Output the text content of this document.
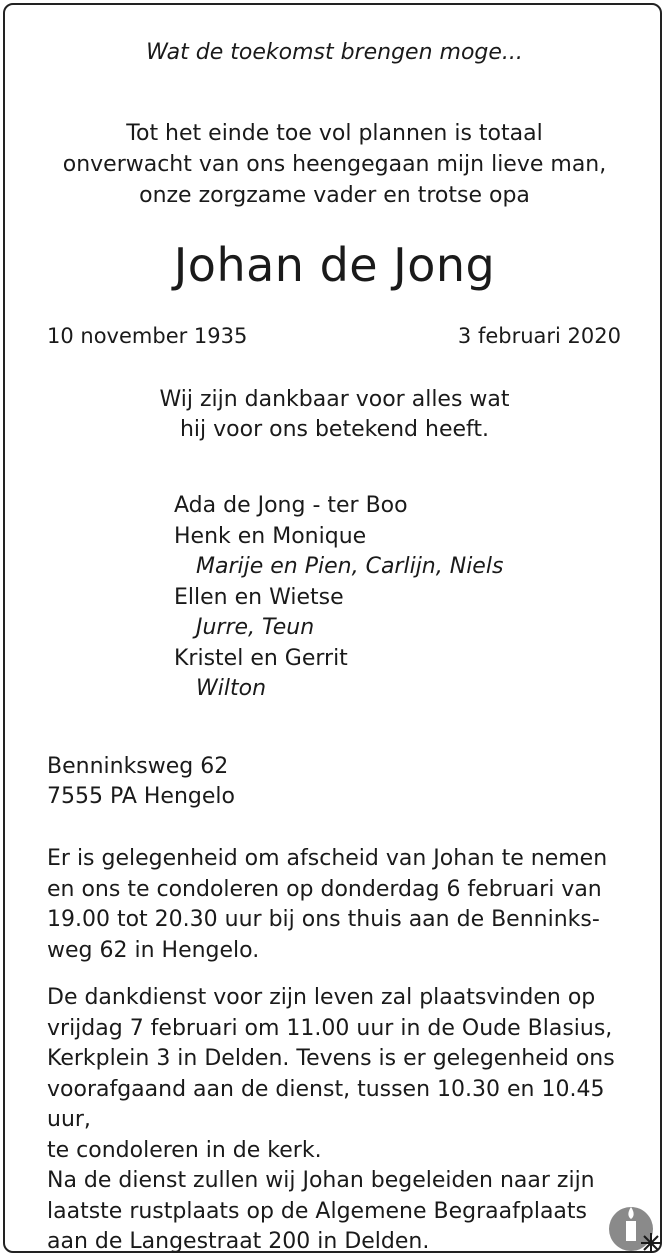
Wat de toekomst brengen moge...
Tot het einde toe vol plannen is totaal
onverwacht van ons heengegaan mijn lieve man,
onze zorgzame vader en trotse opa
Johan de Jong
10 november 1935	3 februari 2020
Wij zijn dankbaar voor alles wat
hij voor ons betekend heeft.
Ada de Jong - ter Boo
Henk en Monique
Marije en Pien, Carlijn, Niels
Ellen en Wietse
Jurre, Teun
Kristel en Gerrit
Wilton
Benninksweg 62
7555 PA Hengelo
Er is gelegenheid om afscheid van Johan te nemen
en ons te condoleren op donderdag 6 februari van
19.00 tot 20.30 uur bij ons thuis aan de Benninks-
weg 62 in Hengelo.
De dankdienst voor zijn leven zal plaatsvinden op
vrijdag 7 februari om 11.00 uur in de Oude Blasius,
Kerkplein 3 in Delden. Tevens is er gelegenheid ons
voorafgaand aan de dienst, tussen 10.30 en 10.45 uur,
te condoleren in de kerk.
Na de dienst zullen wij Johan begeleiden naar zijn
laatste rustplaats op de Algemene Begraafplaats
aan de Langestraat 200 in Delden.
